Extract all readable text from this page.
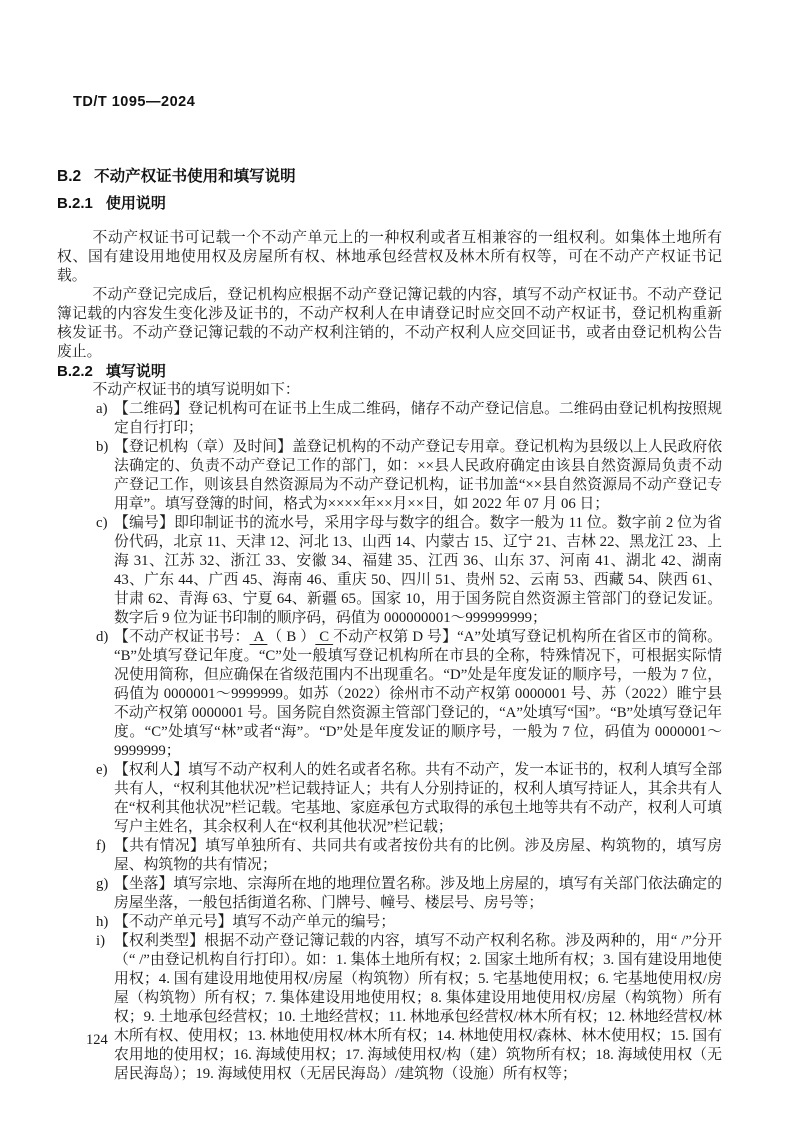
TD/T 1095—2024
B.2 不动产权证书使用和填写说明
B.2.1 使用说明

不动产权证书可记载一个不动产单元上的一种权利或者互相兼容的一组权利。如集体土地所有权、国有建设用地使用权及房屋所有权、林地承包经营权及林木所有权等，可在不动产产权证书记载。

不动产登记完成后，登记机构应根据不动产登记簿记载的内容，填写不动产权证书。不动产登记簿记载的内容发生变化涉及证书的，不动产权利人在申请登记时应交回不动产权证书，登记机构重新核发证书。不动产登记簿记载的不动产权利注销的，不动产权利人应交回证书，或者由登记机构公告废止。

B.2.2 填写说明

不动产权证书的填写说明如下：

a) 【二维码】登记机构可在证书上生成二维码，储存不动产登记信息。二维码由登记机构按照规定自行打印；
b) 【登记机构（章）及时间】盖登记机构的不动产登记专用章。登记机构为县级以上人民政府依法确定的、负责不动产登记工作的部门，如：××县人民政府确定由该县自然资源局负责不动产登记工作，则该县自然资源局为不动产登记机构，证书加盖“××县自然资源局不动产登记专用章”。填写登簿的时间，格式为××××年××月××日，如 2022 年 07 月 06 日；
c) 【编号】即印制证书的流水号，采用字母与数字的组合。数字一般为 11 位。数字前 2 位为省份代码，北京 11、天津 12、河北 13、山西 14、内蒙古 15、辽宁 21、吉林 22、黑龙江 23、上海 31、江苏 32、浙江 33、安徽 34、福建 35、江西 36、山东 37、河南 41、湖北 42、湖南 43、广东 44、广西 45、海南 46、重庆 50、四川 51、贵州 52、云南 53、西藏 54、陕西 61、甘肃 62、青海 63、宁夏 64、新疆 65。国家 10，用于国务院自然资源主管部门的登记发证。数字后 9 位为证书印制的顺序码，码值为 000000001～999999999；
d) 【不动产权证书号： A （ B ） C 不动产权第 D 号】“A”处填写登记机构所在省区市的简称。“B”处填写登记年度。“C”处一般填写登记机构所在市县的全称，特殊情况下，可根据实际情况使用简称，但应确保在省级范围内不出现重名。“D”处是年度发证的顺序号，一般为 7 位，码值为 0000001～9999999。如苏（2022）徐州市不动产权第 0000001 号、苏（2022）睢宁县不动产权第 0000001 号。国务院自然资源主管部门登记的，“A”处填写“国”。“B”处填写登记年度。“C”处填写“林”或者“海”。“D”处是年度发证的顺序号，一般为 7 位，码值为 0000001～9999999；
e) 【权利人】填写不动产权利人的姓名或者名称。共有不动产，发一本证书的，权利人填写全部共有人，“权利其他状况”栏记载持证人；共有人分别持证的，权利人填写持证人，其余共有人在“权利其他状况”栏记载。宅基地、家庭承包方式取得的承包土地等共有不动产，权利人可填写户主姓名，其余权利人在“权利其他状况”栏记载；
f) 【共有情况】填写单独所有、共同共有或者按份共有的比例。涉及房屋、构筑物的，填写房屋、构筑物的共有情况；
g) 【坐落】填写宗地、宗海所在地的地理位置名称。涉及地上房屋的，填写有关部门依法确定的房屋坐落，一般包括街道名称、门牌号、幢号、楼层号、房号等；
h) 【不动产单元号】填写不动产单元的编号；
i) 【权利类型】根据不动产登记簿记载的内容，填写不动产权利名称。涉及两种的，用“ /”分开（“ /”由登记机构自行打印）。如：1. 集体土地所有权；2. 国家土地所有权；3. 国有建设用地使用权；4. 国有建设用地使用权/房屋（构筑物）所有权；5. 宅基地使用权；6. 宅基地使用权/房屋（构筑物）所有权；7. 集体建设用地使用权；8. 集体建设用地使用权/房屋（构筑物）所有权；9. 土地承包经营权；10. 土地经营权；11. 林地承包经营权/林木所有权；12. 林地经营权/林木所有权、使用权；13. 林地使用权/林木所有权；14. 林地使用权/森林、林木使用权；15. 国有农用地的使用权；16. 海域使用权；17. 海域使用权/构（建）筑物所有权；18. 海域使用权（无居民海岛）；19. 海域使用权（无居民海岛）/建筑物（设施）所有权等；
124
